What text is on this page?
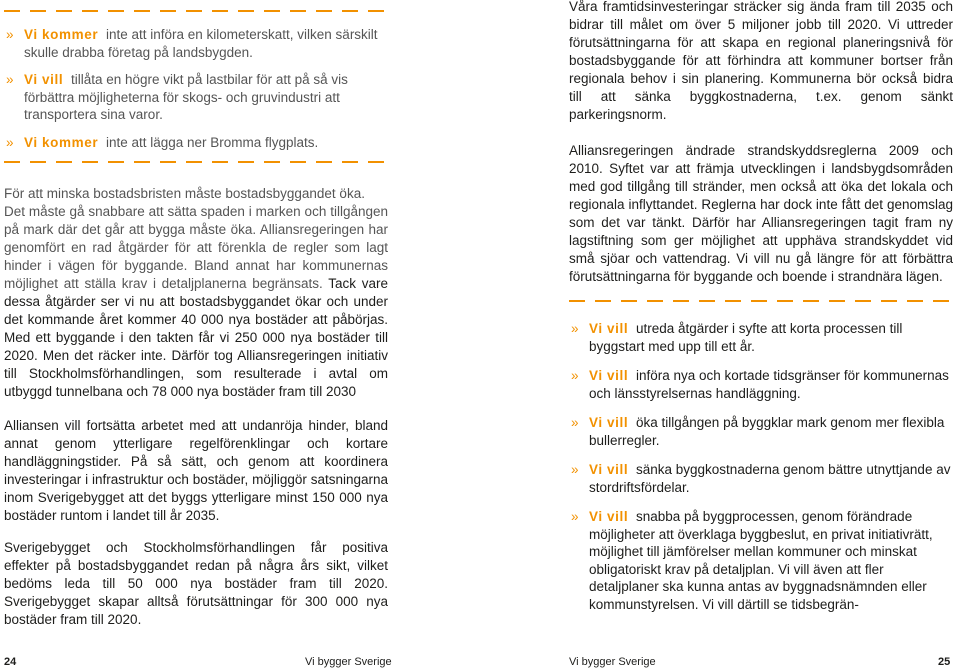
» Vi kommer inte att införa en kilometerskatt, vilken särskilt skulle drabba företag på landsbygden.
» Vi vill tillåta en högre vikt på lastbilar för att på så vis förbättra möjligheterna för skogs- och gruvindustri att transportera sina varor.
» Vi kommer inte att lägga ner Bromma flygplats.

För att minska bostadsbristen måste bostadsbyggandet öka.

Det måste gå snabbare att sätta spaden i marken och tillgången på mark där det går att bygga måste öka. Alliansregeringen har genomfört en rad åtgärder för att förenkla de regler som lagt hinder i vägen för byggande. Bland annat har kommunernas möjlighet att ställa krav i detaljplanerna begränsats. Tack vare dessa åtgärder ser vi nu att bostadsbyggandet ökar och under det kommande året kommer 40 000 nya bostäder att påbörjas. Med ett byggande i den takten får vi 250 000 nya bostäder till 2020. Men det räcker inte. Därför tog Alliansregeringen initiativ till Stockholmsförhandlingen, som resulterade i avtal om utbyggd tunnelbana och 78 000 nya bostäder fram till 2030

Alliansen vill fortsätta arbetet med att undanröja hinder, bland annat genom ytterligare regelförenklingar och kortare handläggningstider. På så sätt, och genom att koordinera investeringar i infrastruktur och bostäder, möjliggör satsningarna inom Sverigebygget att det byggs ytterligare minst 150 000 nya bostäder runtom i landet till år 2035.

Sverigebygget och Stockholmsförhandlingen får positiva effekter på bostadsbyggandet redan på några års sikt, vilket bedöms leda till 50 000 nya bostäder fram till 2020. Sverigebygget skapar alltså förutsättningar för 300 000 nya bostäder fram till 2020.

Våra framtidsinvesteringar sträcker sig ända fram till 2035 och bidrar till målet om över 5 miljoner jobb till 2020. Vi uttreder förutsättningarna för att skapa en regional planeringsnivå för bostadsbyggande för att förhindra att kommuner bortser från regionala behov i sin planering. Kommunerna bör också bidra till att sänka byggkostnaderna, t.ex. genom sänkt parkeringsnorm.

Alliansregeringen ändrade strandskyddsreglerna 2009 och 2010. Syftet var att främja utvecklingen i landsbygdsområden med god tillgång till stränder, men också att öka det lokala och regionala inflyttandet. Reglerna har dock inte fått det genomslag som det var tänkt. Därför har Alliansregeringen tagit fram ny lagstiftning som ger möjlighet att upphäva strandskyddet vid små sjöar och vattendrag. Vi vill nu gå längre för att förbättra förutsättningarna för byggande och boende i strandnära lägen.

» Vi vill utreda åtgärder i syfte att korta processen till byggstart med upp till ett år.
» Vi vill införa nya och kortade tidsgränser för kommunernas och länsstyrelsernas handläggning.
» Vi vill öka tillgången på byggklar mark genom mer flexibla bullerregler.
» Vi vill sänka byggkostnaderna genom bättre utnyttjande av stordriftsfördelar.
» Vi vill snabba på byggprocessen, genom förändrade möjligheter att överklaga byggbeslut, en privat initiativrätt, möjlighet till jämförelser mellan kommuner och minskat obligatoriskt krav på detaljplan. Vi vill även att fler detaljplaner ska kunna antas av byggnadsnämnden eller kommunstyrelsen. Vi vill därtill se tidsbegrän-
24	Vi bygger Sverige	Vi bygger Sverige	25
